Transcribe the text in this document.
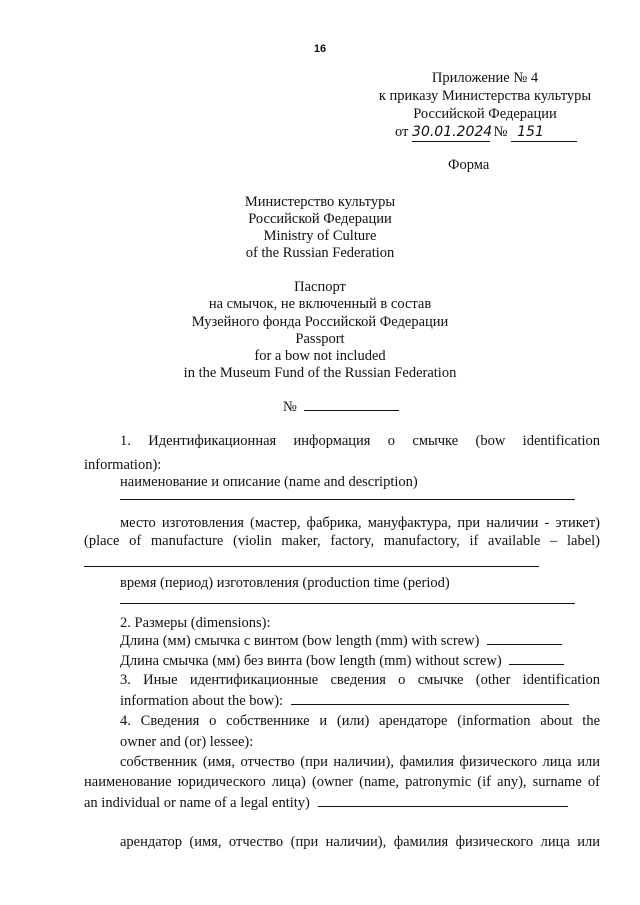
16
Приложение № 4
к приказу Министерства культуры
Российской Федерации
от 30.01.2024 № 151
Форма
Министерство культуры
Российской Федерации
Ministry of Culture
of the Russian Federation
Паспорт
на смычок, не включенный в состав
Музейного фонда Российской Федерации
Passport
for a bow not included
in the Museum Fund of the Russian Federation
№
1. Идентификационная информация о смычке (bow identification
information):
наименование и описание (name and description)
место изготовления (мастер, фабрика, мануфактура, при наличии - этикет)
(place of manufacture (violin maker, factory, manufactory, if available – label)
время (период) изготовления (production time (period)
2. Размеры (dimensions):
Длина (мм) смычка с винтом (bow length (mm) with screw)
Длина смычка (мм) без винта (bow length (mm) without screw)
3. Иные идентификационные сведения о смычке (other identification
information about the bow):
4. Сведения о собственнике и (или) арендаторе (information about the
owner and (or) lessee):
собственник (имя, отчество (при наличии), фамилия физического лица или
наименование юридического лица) (owner (name, patronymic (if any), surname of
an individual or name of a legal entity)
арендатор (имя, отчество (при наличии), фамилия физического лица или
